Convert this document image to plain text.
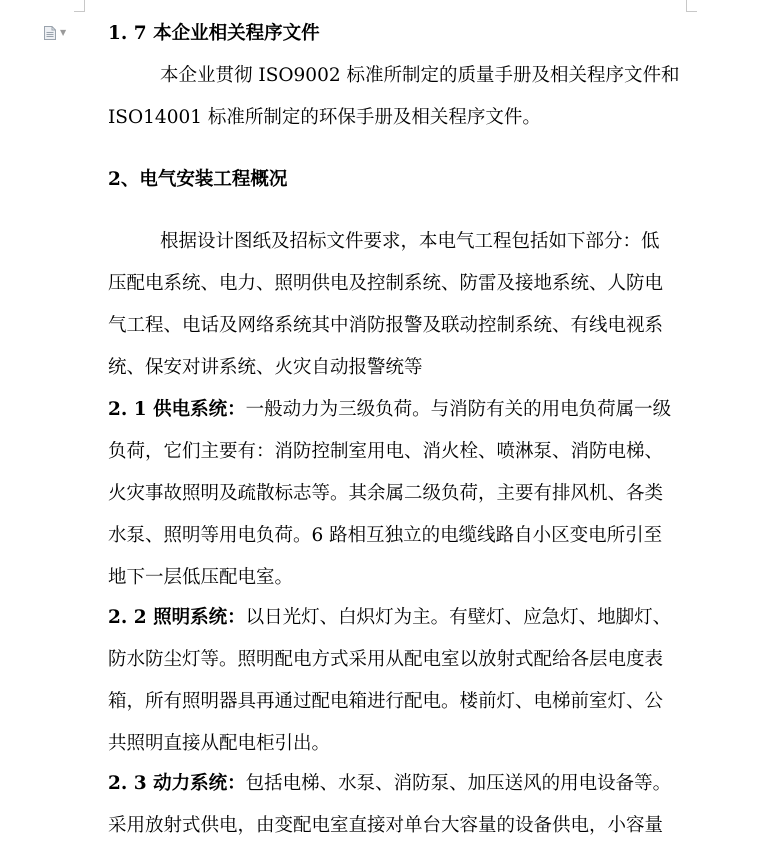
▼ 1. 7 本企业相关程序文件
本企业贯彻 ISO9002 标准所制定的质量手册及相关程序文件和
ISO14001 标准所制定的环保手册及相关程序文件。
2、电气安装工程概况
根据设计图纸及招标文件要求，本电气工程包括如下部分：低
压配电系统、电力、照明供电及控制系统、防雷及接地系统、人防电
气工程、电话及网络系统其中消防报警及联动控制系统、有线电视系
统、保安对讲系统、火灾自动报警统等
2. 1 供电系统：一般动力为三级负荷。与消防有关的用电负荷属一级
负荷，它们主要有：消防控制室用电、消火栓、喷淋泵、消防电梯、
火灾事故照明及疏散标志等。其余属二级负荷，主要有排风机、各类
水泵、照明等用电负荷。6 路相互独立的电缆线路自小区变电所引至
地下一层低压配电室。
2. 2 照明系统：以日光灯、白炽灯为主。有壁灯、应急灯、地脚灯、
防水防尘灯等。照明配电方式采用从配电室以放射式配给各层电度表
箱，所有照明器具再通过配电箱进行配电。楼前灯、电梯前室灯、公
共照明直接从配电柜引出。
2. 3 动力系统：包括电梯、水泵、消防泵、加压送风的用电设备等。
采用放射式供电，由变配电室直接对单台大容量的设备供电，小容量
